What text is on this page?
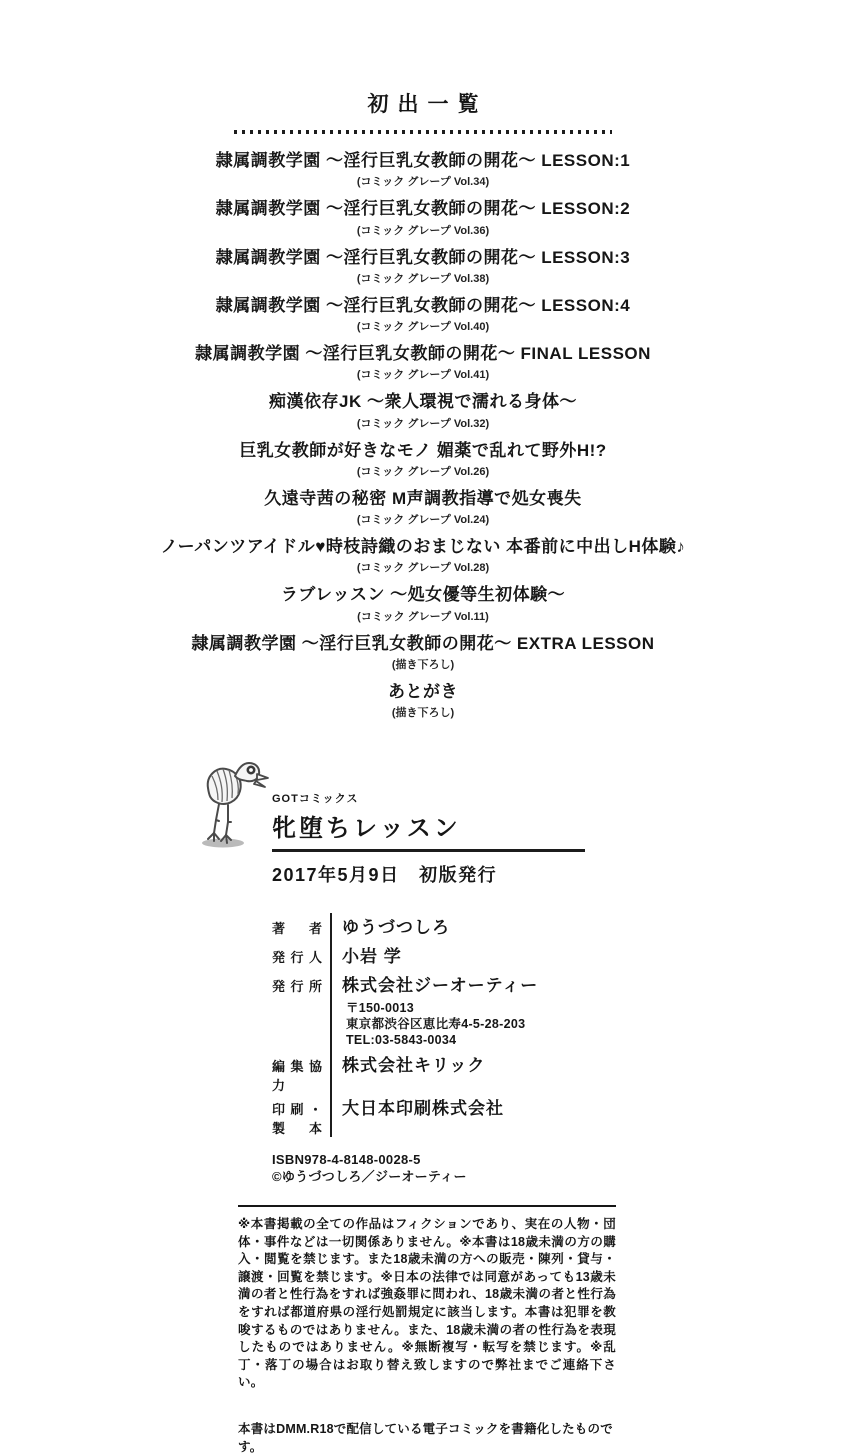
初出一覧
隷属調教学園 ～淫行巨乳女教師の開花～ LESSON:1
(コミック グレープ Vol.34)
隷属調教学園 ～淫行巨乳女教師の開花～ LESSON:2
(コミック グレープ Vol.36)
隷属調教学園 ～淫行巨乳女教師の開花～ LESSON:3
(コミック グレープ Vol.38)
隷属調教学園 ～淫行巨乳女教師の開花～ LESSON:4
(コミック グレープ Vol.40)
隷属調教学園 ～淫行巨乳女教師の開花～ FINAL LESSON
(コミック グレープ Vol.41)
痴漢依存JK ～衆人環視で濡れる身体～
(コミック グレープ Vol.32)
巨乳女教師が好きなモノ 媚薬で乱れて野外H!?
(コミック グレープ Vol.26)
久遠寺茜の秘密 M声調教指導で処女喪失
(コミック グレープ Vol.24)
ノーパンツアイドル♥時枝詩織のおまじない 本番前に中出しH体験♪
(コミック グレープ Vol.28)
ラブレッスン ～処女優等生初体験～
(コミック グレープ Vol.11)
隷属調教学園 ～淫行巨乳女教師の開花～ EXTRA LESSON
(描き下ろし)
あとがき
(描き下ろし)
GOTコミックス
牝堕ちレッスン
2017年5月9日　初版発行
著者 ゆうづつしろ
発行人 小岩 学
発行所 株式会社ジーオーティー
〒150-0013
東京都渋谷区恵比寿4-5-28-203
TEL:03-5843-0034
編集協力
株式会社キリック
印刷・製本
大日本印刷株式会社
ISBN978-4-8148-0028-5
©ゆうづつしろ／ジーオーティー
※本書掲載の全ての作品はフィクションであり、実在の人物・団体・事件などは一切関係ありません。※本書は18歳未満の方の購入・閲覧を禁じます。また18歳未満の方への販売・陳列・貸与・譲渡・回覧を禁じます。※日本の法律では同意があっても13歳未満の者と性行為をすれば強姦罪に問われ、18歳未満の者と性行為をすれば都道府県の淫行処罰規定に該当します。本書は犯罪を教唆するものではありません。また、18歳未満の者の性行為を表現したものではありません。※無断複写・転写を禁じます。※乱丁・落丁の場合はお取り替え致しますので弊社までご連絡下さい。
本書はDMM.R18で配信している電子コミックを書籍化したものです。
